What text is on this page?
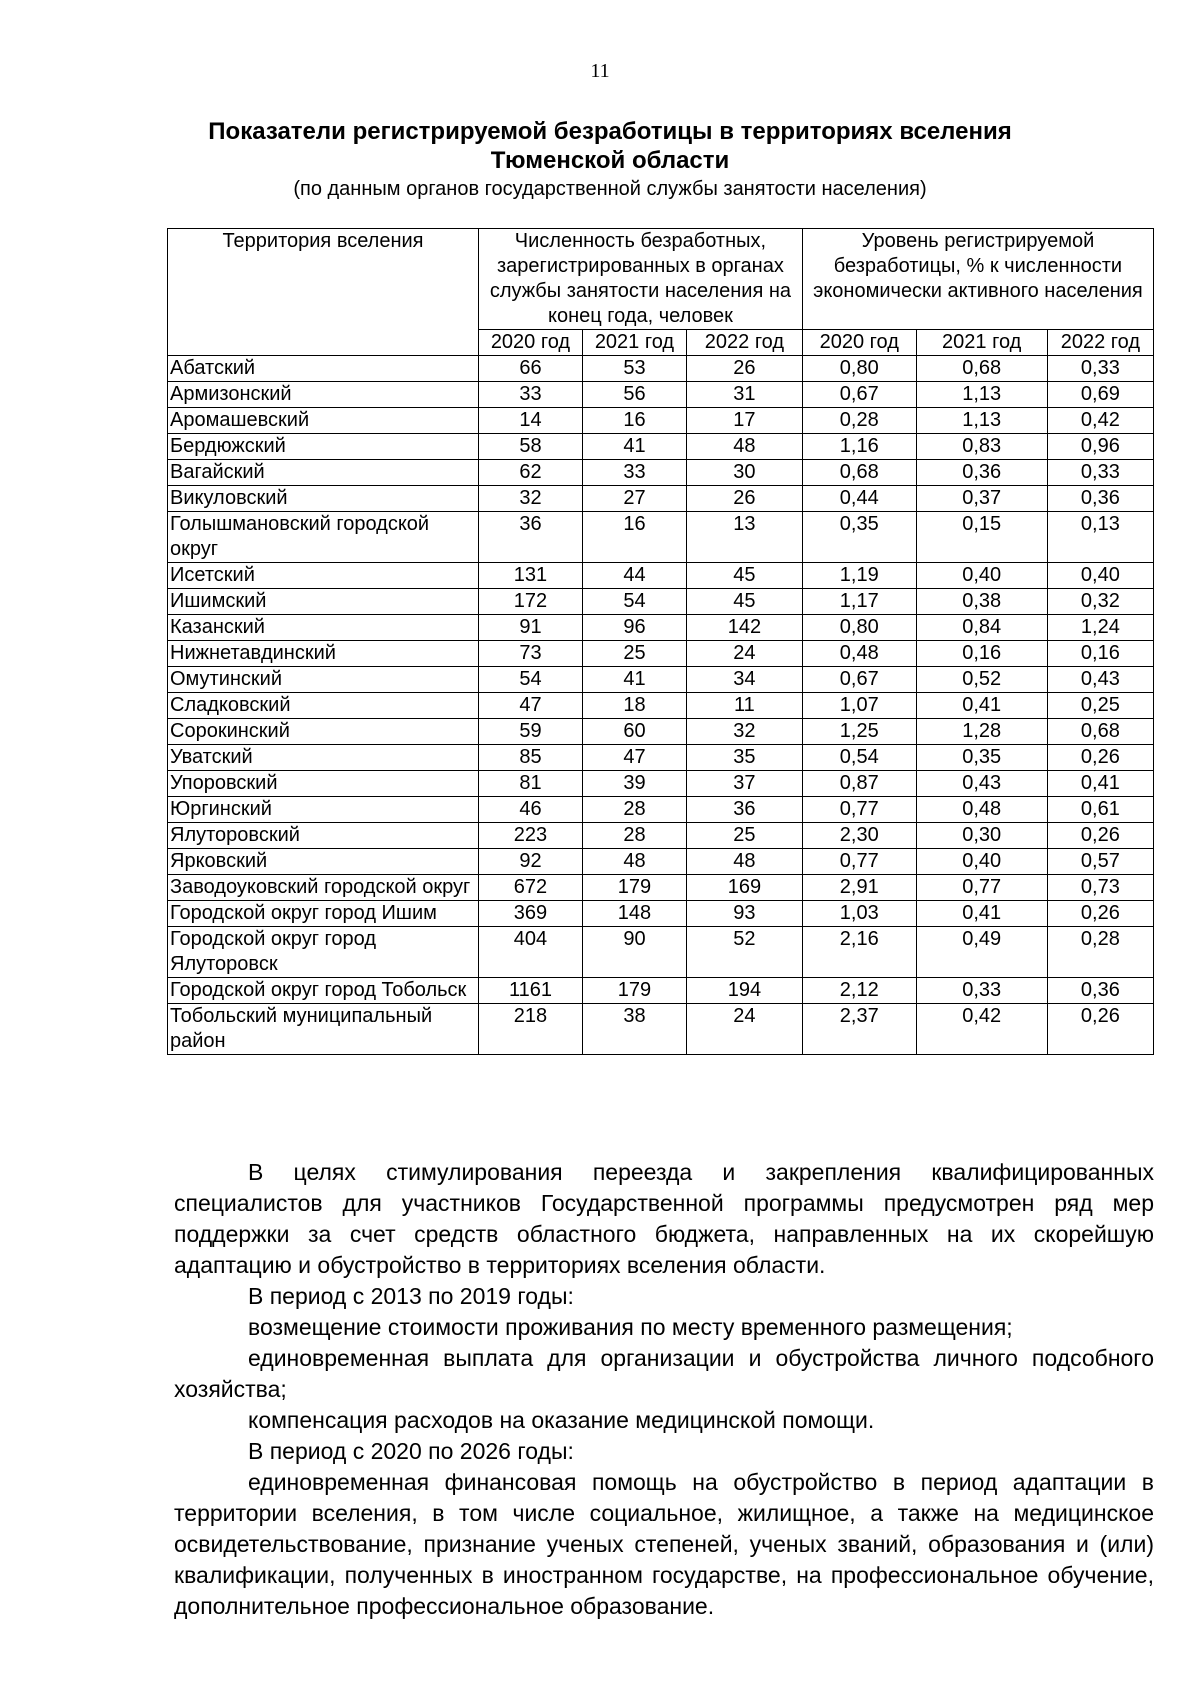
11
Показатели регистрируемой безработицы в территориях вселения
Тюменской области
(по данным органов государственной службы занятости населения)
Территория вселения	Численность безработных, зарегистрированных в органах службы занятости населения на конец года, человек			Уровень регистрируемой безработицы, % к численности экономически активного населения		
	2020 год	2021 год	2022 год	2020 год	2021 год	2022 год
Абатский	66	53	26	0,80	0,68	0,33
Армизонский	33	56	31	0,67	1,13	0,69
Аромашевский	14	16	17	0,28	1,13	0,42
Бердюжский	58	41	48	1,16	0,83	0,96
Вагайский	62	33	30	0,68	0,36	0,33
Викуловский	32	27	26	0,44	0,37	0,36
Голышмановский городской округ	36	16	13	0,35	0,15	0,13
Исетский	131	44	45	1,19	0,40	0,40
Ишимский	172	54	45	1,17	0,38	0,32
Казанский	91	96	142	0,80	0,84	1,24
Нижнетавдинский	73	25	24	0,48	0,16	0,16
Омутинский	54	41	34	0,67	0,52	0,43
Сладковский	47	18	11	1,07	0,41	0,25
Сорокинский	59	60	32	1,25	1,28	0,68
Уватский	85	47	35	0,54	0,35	0,26
Упоровский	81	39	37	0,87	0,43	0,41
Юргинский	46	28	36	0,77	0,48	0,61
Ялуторовский	223	28	25	2,30	0,30	0,26
Ярковский	92	48	48	0,77	0,40	0,57
Заводоуковский городской округ	672	179	169	2,91	0,77	0,73
Городской округ город Ишим	369	148	93	1,03	0,41	0,26
Городской округ город Ялуторовск	404	90	52	2,16	0,49	0,28
Городской округ город Тобольск	1161	179	194	2,12	0,33	0,36
Тобольский муниципальный район	218	38	24	2,37	0,42	0,26

В целях стимулирования переезда и закрепления квалифицированных специалистов для участников Государственной программы предусмотрен ряд мер поддержки за счет средств областного бюджета, направленных на их скорейшую адаптацию и обустройство в территориях вселения области.

В период с 2013 по 2019 годы:

возмещение стоимости проживания по месту временного размещения;

единовременная выплата для организации и обустройства личного подсобного хозяйства;

компенсация расходов на оказание медицинской помощи.

В период с 2020 по 2026 годы:

единовременная финансовая помощь на обустройство в период адаптации в территории вселения, в том числе социальное, жилищное, а также на медицинское освидетельствование, признание ученых степеней, ученых званий, образования и (или) квалификации, полученных в иностранном государстве, на профессиональное обучение, дополнительное профессиональное образование.
